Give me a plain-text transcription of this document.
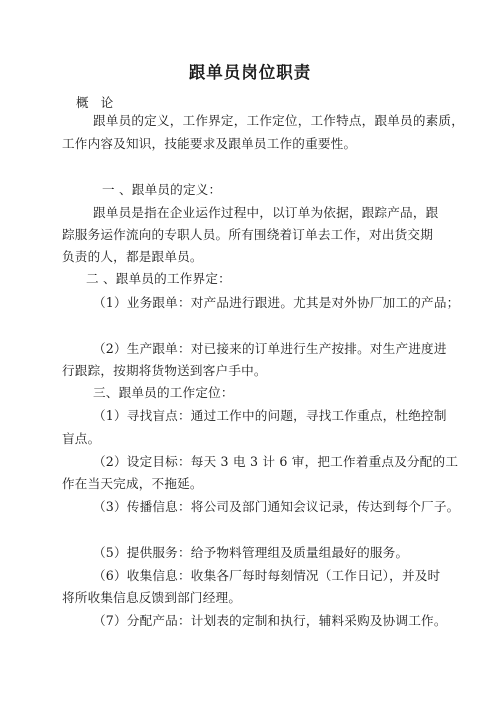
跟单员岗位职责
概 论
跟单员的定义，工作界定，工作定位，工作特点，跟单员的素质，
工作内容及知识，技能要求及跟单员工作的重要性。
一 、跟单员的定义：
跟单员是指在企业运作过程中，以订单为依据，跟踪产品，跟
踪服务运作流向的专职人员。所有围绕着订单去工作，对出货交期
负责的人，都是跟单员。
二 、跟单员的工作界定：
（1）业务跟单：对产品进行跟进。尤其是对外协厂加工的产品；
（2）生产跟单：对已接来的订单进行生产按排。对生产进度进
行跟踪，按期将货物送到客户手中。
三、跟单员的工作定位：
（1）寻找盲点：通过工作中的问题，寻找工作重点，杜绝控制
盲点。
（2）设定目标：每天 3 电 3 计 6 审，把工作着重点及分配的工
作在当天完成，不拖延。
（3）传播信息：将公司及部门通知会议记录，传达到每个厂子。
（5）提供服务：给予物料管理组及质量组最好的服务。
（6）收集信息：收集各厂每时每刻情况（工作日记），并及时
将所收集信息反馈到部门经理。
（7）分配产品：计划表的定制和执行，辅料采购及协调工作。
